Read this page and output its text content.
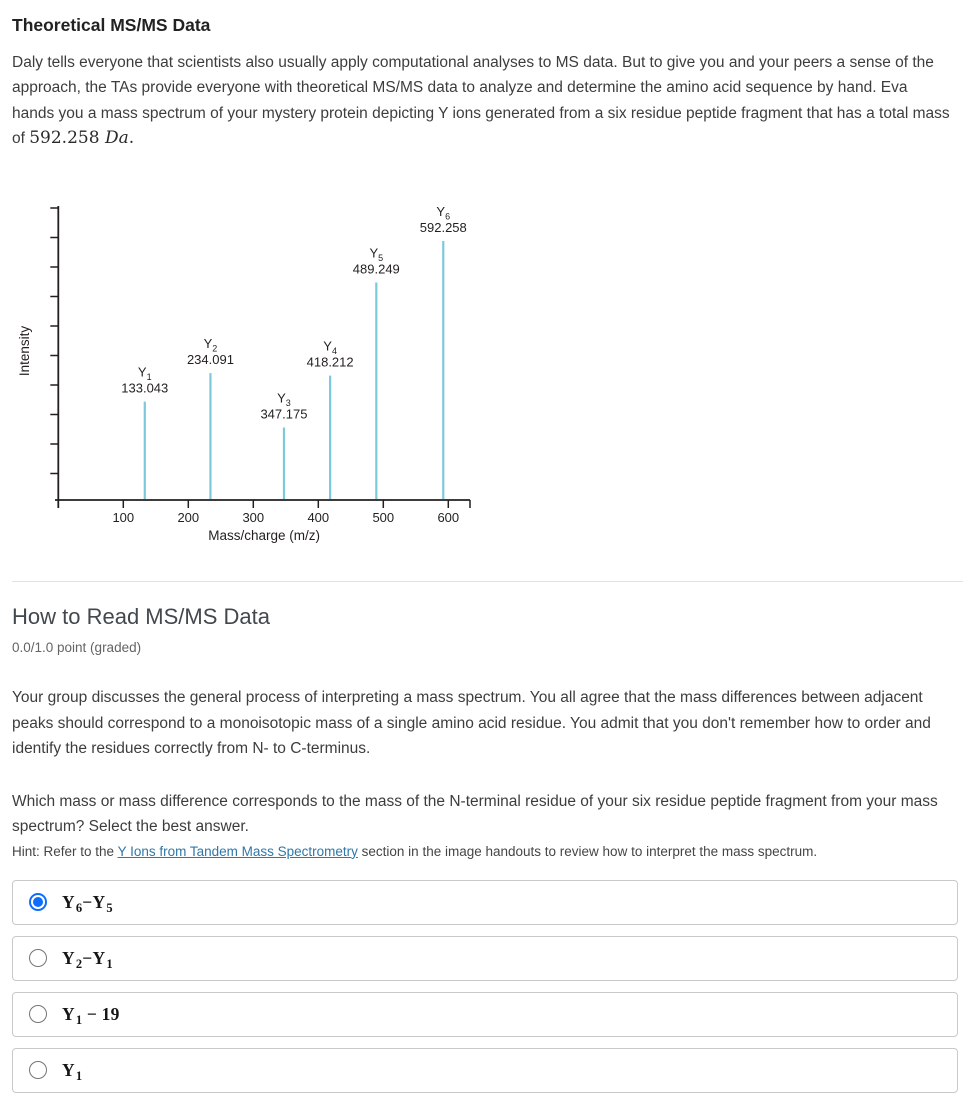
Theoretical MS/MS Data

Daly tells everyone that scientists also usually apply computational analyses to MS data. But to give you and your peers a sense of the approach, the TAs provide everyone with theoretical MS/MS data to analyze and determine the amino acid sequence by hand. Eva hands you a mass spectrum of your mystery protein depicting Y ions generated from a six residue peptide fragment that has a total mass of 592.258 Da.

$Y_1$
133.043
$Y_2$
234.091
$Y_3$
347.175
$Y_4$
418.212
$Y_5$
489.249
$Y_6$
592.258
100	200	300	400	500	600
Mass/charge (m/z)
Intensity
How to Read MS/MS Data
0.0/1.0 point (graded)

Your group discusses the general process of interpreting a mass spectrum. You all agree that the mass differences between adjacent peaks should correspond to a monoisotopic mass of a single amino acid residue. You admit that you don't remember how to order and identify the residues correctly from N- to C-terminus.

Which mass or mass difference corresponds to the mass of the N-terminal residue of your six residue peptide fragment from your mass spectrum? Select the best answer.

Hint: Refer to the Y Ions from Tandem Mass Spectrometry section in the image handouts to review how to interpret the mass spectrum.
$Y_6-Y_5$
$Y_2-Y_1$
$Y_1 - 19$
$Y_1$
